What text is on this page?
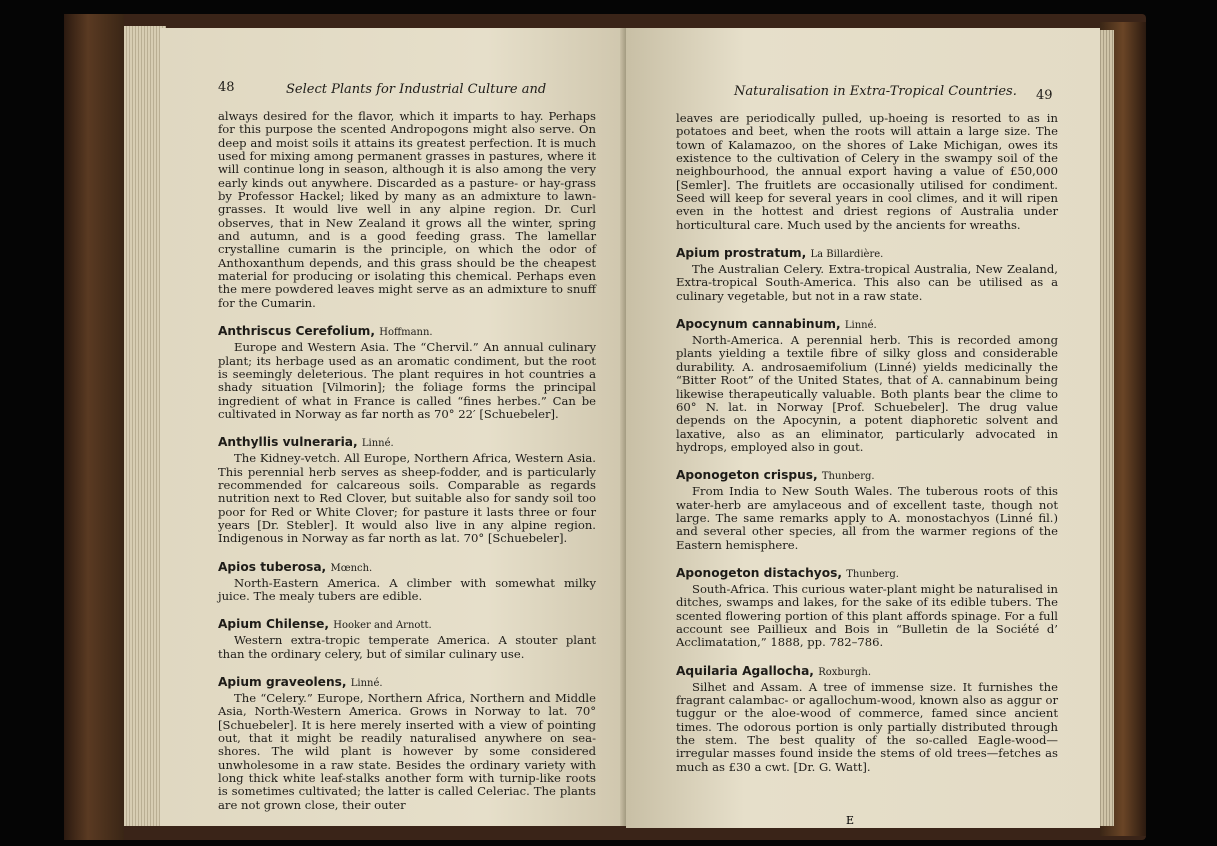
48	Select Plants for Industrial Culture and
always desired for the flavor, which it imparts to hay. Perhaps for this purpose the scented Andropogons might also serve. On deep and moist soils it attains its greatest perfection. It is much used for mixing among permanent grasses in pastures, where it will continue long in season, although it is also among the very early kinds out anywhere. Discarded as a pasture- or hay-grass by Professor Hackel; liked by many as an admixture to lawn-grasses. It would live well in any alpine region. Dr. Curl observes, that in New Zealand it grows all the winter, spring and autumn, and is a good feeding grass. The lamellar crystalline cumarin is the principle, on which the odor of Anthoxanthum depends, and this grass should be the cheapest material for producing or isolating this chemical. Perhaps even the mere powdered leaves might serve as an admixture to snuff for the Cumarin.
Anthriscus Cerefolium, Hoffmann.
Europe and Western Asia. The “Chervil.” An annual culinary plant; its herbage used as an aromatic condiment, but the root is seemingly deleterious. The plant requires in hot countries a shady situation [Vilmorin]; the foliage forms the principal ingredient of what in France is called “fines herbes.” Can be cultivated in Norway as far north as 70° 22′ [Schuebeler].
Anthyllis vulneraria, Linné.
The Kidney-vetch. All Europe, Northern Africa, Western Asia. This perennial herb serves as sheep-fodder, and is particularly recommended for calcareous soils. Comparable as regards nutrition next to Red Clover, but suitable also for sandy soil too poor for Red or White Clover; for pasture it lasts three or four years [Dr. Stebler]. It would also live in any alpine region. Indigenous in Norway as far north as lat. 70° [Schuebeler].
Apios tuberosa, Mœnch.
North-Eastern America. A climber with somewhat milky juice. The mealy tubers are edible.
Apium Chilense, Hooker and Arnott.
Western extra-tropic temperate America. A stouter plant than the ordinary celery, but of similar culinary use.
Apium graveolens, Linné.
The “Celery.” Europe, Northern Africa, Northern and Middle Asia, North-Western America. Grows in Norway to lat. 70° [Schuebeler]. It is here merely inserted with a view of pointing out, that it might be readily naturalised anywhere on sea-shores. The wild plant is however by some considered unwholesome in a raw state. Besides the ordinary variety with long thick white leaf-stalks another form with turnip-like roots is sometimes cultivated; the latter is called Celeriac. The plants are not grown close, their outer
Naturalisation in Extra-Tropical Countries. 49
leaves are periodically pulled, up-hoeing is resorted to as in potatoes and beet, when the roots will attain a large size. The town of Kalamazoo, on the shores of Lake Michigan, owes its existence to the cultivation of Celery in the swampy soil of the neighbourhood, the annual export having a value of £50,000 [Semler]. The fruitlets are occasionally utilised for condiment. Seed will keep for several years in cool climes, and it will ripen even in the hottest and driest regions of Australia under horticultural care. Much used by the ancients for wreaths.
Apium prostratum, La Billardière.
The Australian Celery. Extra-tropical Australia, New Zealand, Extra-tropical South-America. This also can be utilised as a culinary vegetable, but not in a raw state.
Apocynum cannabinum, Linné.
North-America. A perennial herb. This is recorded among plants yielding a textile fibre of silky gloss and considerable durability. A. androsaemifolium (Linné) yields medicinally the “Bitter Root” of the United States, that of A. cannabinum being likewise therapeutically valuable. Both plants bear the clime to 60° N. lat. in Norway [Prof. Schuebeler]. The drug value depends on the Apocynin, a potent diaphoretic solvent and laxative, also as an eliminator, particularly advocated in hydrops, employed also in gout.
Aponogeton crispus, Thunberg.
From India to New South Wales. The tuberous roots of this water-herb are amylaceous and of excellent taste, though not large. The same remarks apply to A. monostachyos (Linné fil.) and several other species, all from the warmer regions of the Eastern hemisphere.
Aponogeton distachyos, Thunberg.
South-Africa. This curious water-plant might be naturalised in ditches, swamps and lakes, for the sake of its edible tubers. The scented flowering portion of this plant affords spinage. For a full account see Paillieux and Bois in “Bulletin de la Société d’ Acclimatation,” 1888, pp. 782–786.
Aquilaria Agallocha, Roxburgh.
Silhet and Assam. A tree of immense size. It furnishes the fragrant calambac- or agallochum-wood, known also as aggur or tuggur or the aloe-wood of commerce, famed since ancient times. The odorous portion is only partially distributed through the stem. The best quality of the so-called Eagle-wood—irregular masses found inside the stems of old trees—fetches as much as £30 a cwt. [Dr. G. Watt].
E
